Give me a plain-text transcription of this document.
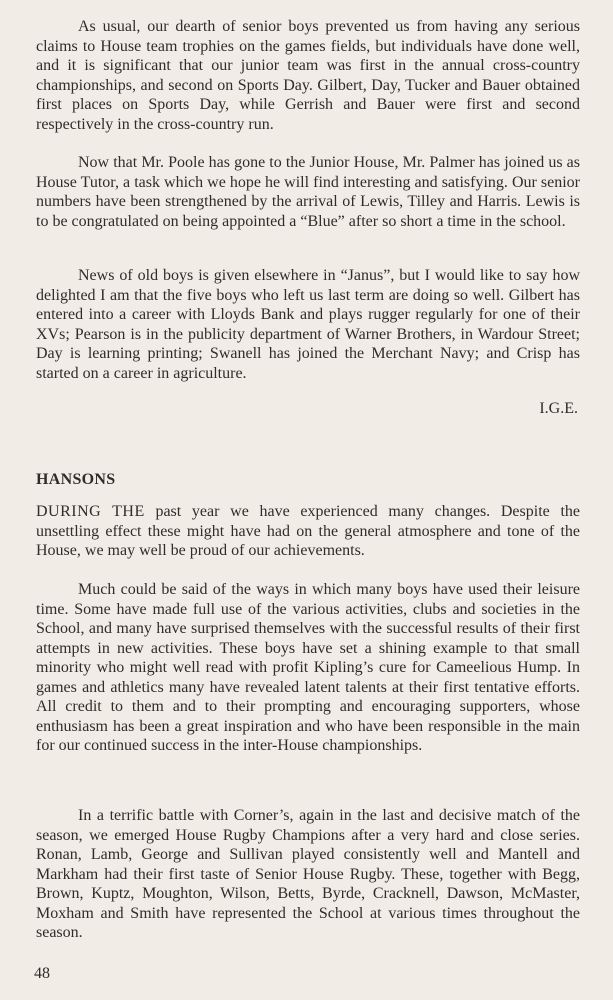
As usual, our dearth of senior boys prevented us from having any serious claims to House team trophies on the games fields, but individuals have done well, and it is significant that our junior team was first in the annual cross-country championships, and second on Sports Day. Gilbert, Day, Tucker and Bauer obtained first places on Sports Day, while Gerrish and Bauer were first and second respectively in the cross-country run.

Now that Mr. Poole has gone to the Junior House, Mr. Palmer has joined us as House Tutor, a task which we hope he will find interesting and satisfying. Our senior numbers have been strengthened by the arrival of Lewis, Tilley and Harris. Lewis is to be congratulated on being appointed a “Blue” after so short a time in the school.

News of old boys is given elsewhere in “Janus”, but I would like to say how delighted I am that the five boys who left us last term are doing so well. Gilbert has entered into a career with Lloyds Bank and plays rugger regularly for one of their XVs; Pearson is in the publicity department of Warner Brothers, in Wardour Street; Day is learning printing; Swanell has joined the Merchant Navy; and Crisp has started on a career in agriculture.

I.G.E.

HANSONS

DURING THE past year we have experienced many changes. Despite the unsettling effect these might have had on the general atmosphere and tone of the House, we may well be proud of our achievements.

Much could be said of the ways in which many boys have used their leisure time. Some have made full use of the various activities, clubs and societies in the School, and many have surprised themselves with the successful results of their first attempts in new activities. These boys have set a shining example to that small minority who might well read with profit Kipling’s cure for Cameelious Hump. In games and athletics many have revealed latent talents at their first tentative efforts. All credit to them and to their prompting and encouraging supporters, whose enthusiasm has been a great inspiration and who have been responsible in the main for our continued success in the inter-House championships.

In a terrific battle with Corner’s, again in the last and decisive match of the season, we emerged House Rugby Champions after a very hard and close series. Ronan, Lamb, George and Sullivan played consistently well and Mantell and Markham had their first taste of Senior House Rugby. These, together with Begg, Brown, Kuptz, Moughton, Wilson, Betts, Byrde, Cracknell, Dawson, McMaster, Moxham and Smith have represented the School at various times throughout the season.

48
